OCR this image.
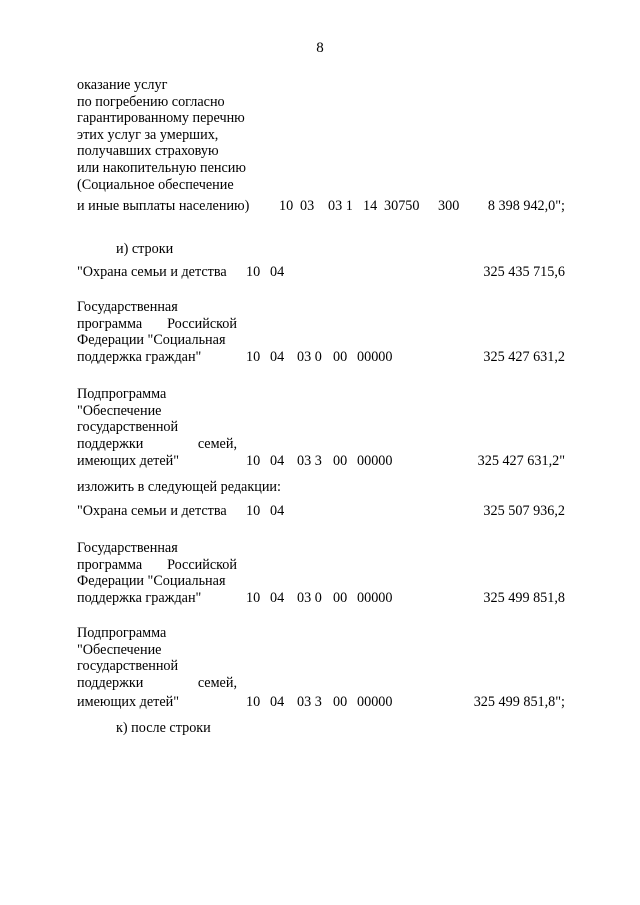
8
оказание услуг
по погребению согласно
гарантированному перечню
этих услуг за умерших,
получавших страховую
или накопительную пенсию
(Социальное обеспечение
и иные выплаты населению) 10 03 03 1 14 30750 300	8 398 942,0";
и) строки
"Охрана семьи и детства 10 04	325 435 715,6
Государственная
программа Российской
Федерации "Социальная
поддержка граждан"	10 04 03 0 00 00000	325 427 631,2
Подпрограмма
"Обеспечение
государственной
поддержки	семей,
имеющих детей"	10 04 03 3 00 00000	325 427 631,2"
изложить в следующей редакции:
"Охрана семьи и детства 10 04	325 507 936,2
Государственная
программа Российской
Федерации "Социальная
поддержка граждан"	10 04 03 0 00 00000	325 499 851,8
Подпрограмма
"Обеспечение
государственной
поддержки	семей,
имеющих детей"	10 04 03 3 00 00000	325 499 851,8";
к) после строки
